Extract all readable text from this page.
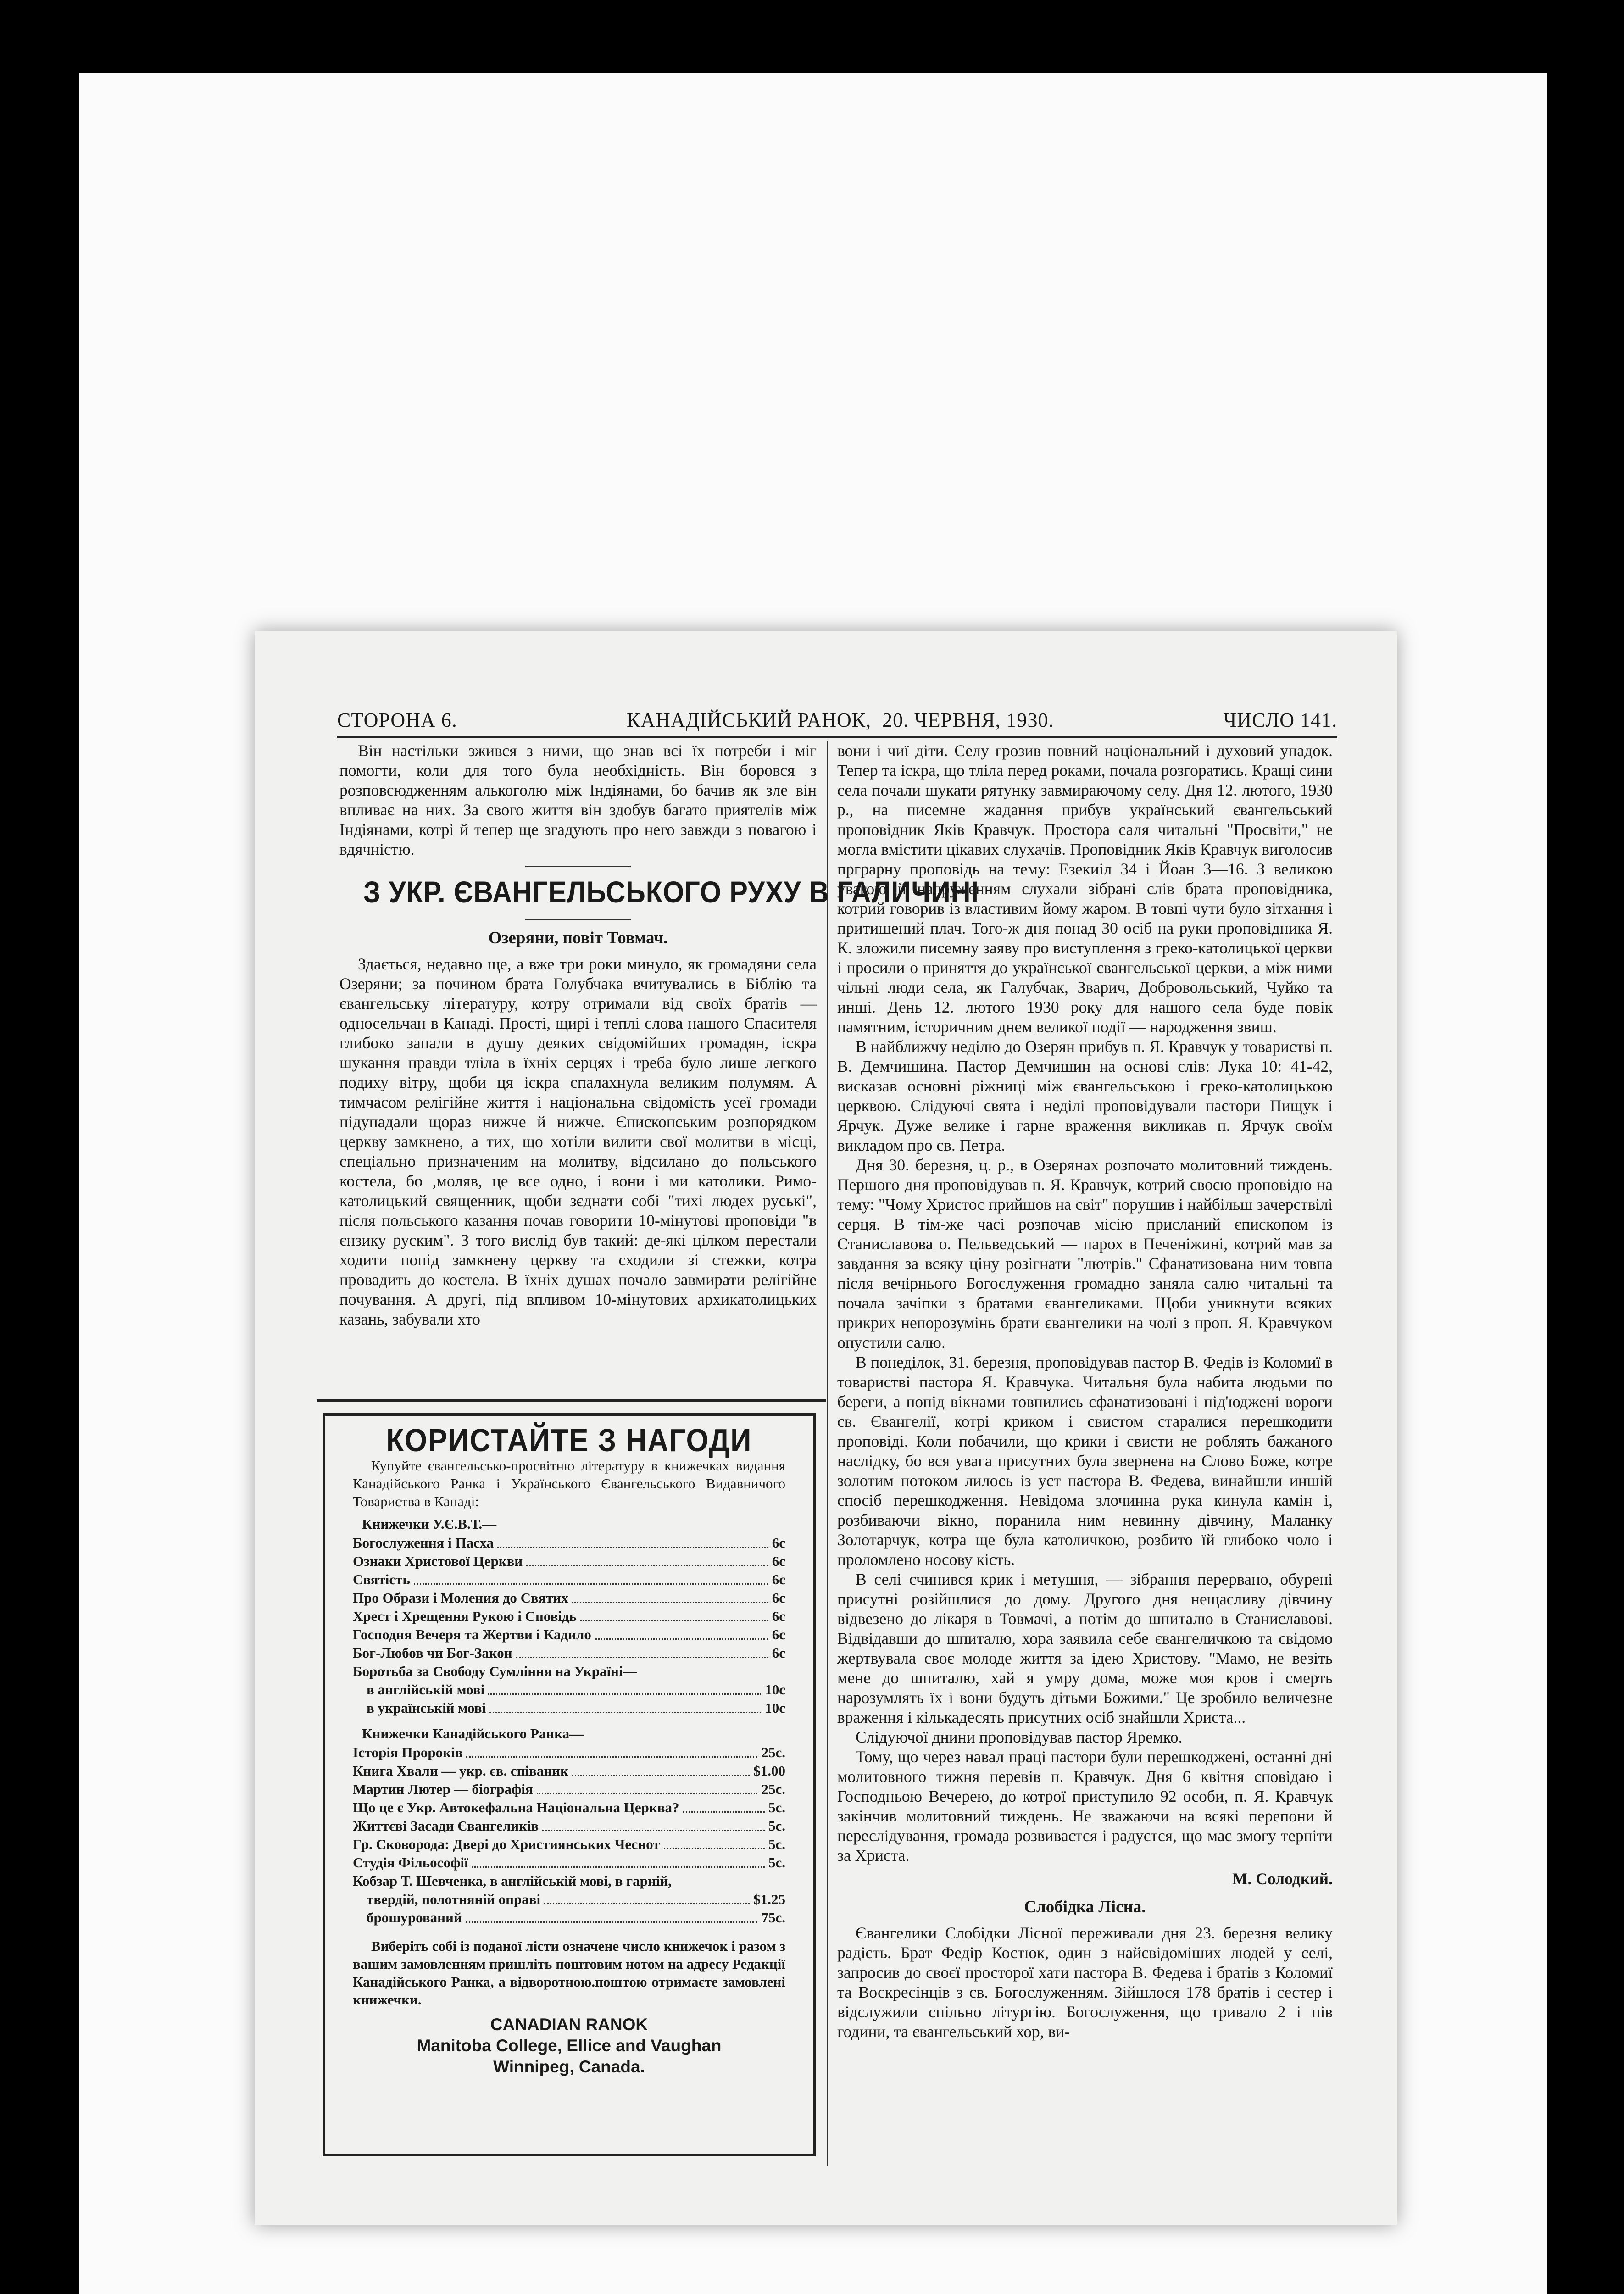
СТОРОНА 6.	КАНАДІЙСЬКИЙ РАНОК, 20. ЧЕРВНЯ, 1930.	ЧИСЛО 141.

Він настільки зжився з ними, що знав всі їх потреби і міг помогти, коли для того була необхідність. Він боровся з розповсюдженням алькоголю між Індіянами, бо бачив як зле він впливає на них. За свого життя він здобув багато приятелів між Індіянами, котрі й тепер ще згадують про него завжди з повагою і вдячністю.

З УКР. ЄВАНГЕЛЬСЬКОГО РУХУ В ГАЛИЧИНІ
Озеряни, повіт Товмач.

Здається, недавно ще, а вже три роки минуло, як громадяни села Озеряни; за почином брата Голубчака вчитувались в Біблію та євангельську літературу, котру отримали від своїх братів — односельчан в Канаді. Прості, щирі і теплі слова нашого Спасителя глибоко запали в душу деяких свідомійших громадян, іскра шукання правди тліла в їхніх серцях і треба було лише легкого подиху вітру, щоби ця іскра спалахнула великим полумям. А тимчасом релігійне життя і національна свідомість усеї громади підупадали щораз нижче й нижче. Єпископським розпорядком церкву замкнено, а тих, що хотіли вилити свої молитви в місці, спеціально призначеним на молитву, відсилано до польського костела, бо ,моляв, це все одно, і вони і ми католики. Римо-католицький священник, щоби зєднати собі "тихі людех руські", після польського казання почав говорити 10-мінутові проповіди "в єнзику руским". З того вислід був такий: де-які цілком перестали ходити попід замкнену церкву та сходили зі стежки, котра провадить до костела. В їхніх душах почало завмирати релігійне почування. А другі, під впливом 10-мінутових архикатолицьких казань, забували хто

КОРИСТАЙТЕ З НАГОДИ

Купуйте євангельсько-просвітню літературу в книжечках видання Канадійського Ранка і Українського Євангельського Видавничого Товариства в Канаді:

Книжечки У.Є.В.Т.—
Богослуження і Пасха	6c
Ознаки Христової Церкви	6c
Святість	6c
Про Образи і Моления до Святих	6c
Хрест і Хрещення Рукою і Сповідь	6c
Господня Вечеря та Жертви і Кадило	6c
Бог-Любов чи Бог-Закон	6c
Боротьба за Свободу Сумління на Україні—
в англійській мові	10c
в українській мові	10c
Книжечки Канадійського Ранка—
Історія Пророків	25c.
Книга Хвали — укр. єв. співаник	$1.00
Мартин Лютер — біографія	25c.
Що це є Укр. Автокефальна Національна Церква?	5c.
Життєві Засади Євангеликів	5c.
Гр. Сковорода: Двері до Християнських Чеснот	5c.
Студія Фільософії	5c.
Кобзар Т. Шевченка, в англійській мові, в гарній,
твердій, полотняній оправі	$1.25
брошурований	75c.

Виберіть собі із поданої лісти означене число книжечок і разом з вашим замовленням пришліть поштовим нотом на адресу Редакції Канадійського Ранка, а відворотною.поштою отримаєте замовлені книжечки.

CANADIAN RANOK
Manitoba College, Ellice and Vaughan
Winnipeg, Canada.

вони і чиї діти. Селу грозив повний національний і духовий упадок. Тепер та іскра, що тліла перед роками, почала розгоратись. Кращі сини села почали шукати рятунку завмираючому селу. Дня 12. лютого, 1930 р., на писемне жадання прибув український євангельський проповідник Яків Кравчук. Простора саля читальні "Просвіти," не могла вмістити цікавих слухачів. Проповідник Яків Кравчук виголосив прграрну проповідь на тему: Езекиіл 34 і Йоан 3—16. З великою увагою й напруженням слухали зібрані слів брата проповідника, котрий говорив із властивим йому жаром. В товпі чути було зітхання і притишений плач. Того-ж дня понад 30 осіб на руки проповідника Я. К. зложили писемну заяву про виступлення з греко-католицької церкви і просили о приняття до української євангельської церкви, а між ними чільні люди села, як Галубчак, Зварич, Добровольський, Чуйко та инші. День 12. лютого 1930 року для нашого села буде повік памятним, історичним днем великої події — народження звиш.

В найближчу неділю до Озерян прибув п. Я. Кравчук у товаристві п. В. Демчишина. Пастор Демчишин на основі слів: Лука 10: 41-42, висказав основні ріжниці між євангельською і греко-католицькою церквою. Слідуючі свята і неділі проповідували пастори Пищук і Ярчук. Дуже велике і гарне враження викликав п. Ярчук своїм викладом про св. Петра.

Дня 30. березня, ц. р., в Озерянах розпочато молитовний тиждень. Першого дня проповідував п. Я. Кравчук, котрий своєю проповідю на тему: "Чому Христос прийшов на світ" порушив і найбільш зачерствілі серця. В тім-же часі розпочав місію присланий єпископом із Станиславова о. Пельведський — парох в Печеніжині, котрий мав за завдання за всяку ціну розігнати "лютрів." Сфанатизована ним товпа після вечірнього Богослуження громадно заняла салю читальні та почала зачіпки з братами євангеликами. Щоби уникнути всяких прикрих непорозумінь брати євангелики на чолі з проп. Я. Кравчуком опустили салю.

В понеділок, 31. березня, проповідував пастор В. Федів із Коломиї в товаристві пастора Я. Кравчука. Читальня була набита людьми по береги, а попід вікнами товпились сфанатизовані і під'юджені вороги св. Євангелії, котрі криком і свистом старалися перешкодити проповіді. Коли побачили, що крики і свисти не роблять бажаного наслідку, бо вся увага присутних була звернена на Слово Боже, котре золотим потоком лилось із уст пастора В. Федева, винайшли иншій спосіб перешкодження. Невідома злочинна рука кинула камін і, розбиваючи вікно, поранила ним невинну дівчину, Маланку Золотарчук, котра ще була католичкою, розбито їй глибоко чоло і проломлено носову кість.

В селі счинився крик і метушня, — зібрання перервано, обурені присутні розійшлися до дому. Другого дня нещасливу дівчину відвезено до лікаря в Товмачі, а потім до шпиталю в Станиславові. Відвідавши до шпиталю, хора заявила себе євангеличкою та свідомо жертвувала своє молоде життя за ідею Христову. "Мамо, не везіть мене до шпиталю, хай я умру дома, може моя кров і смерть нарозумлять їх і вони будуть дітьми Божими." Це зробило величезне враження і кількадесять присутних осіб знайшли Христа...

Слідуючої днини проповідував пастор Яремко.

Тому, що через навал праці пастори були перешкоджені, останні дні молитовного тижня перевів п. Кравчук. Дня 6 квітня сповідаю і Господньою Вечерею, до котрої приступило 92 особи, п. Я. Кравчук закінчив молитовний тиждень. Не зважаючи на всякі перепони й переслідування, громада розвиваєтся і радуєтся, що має змогу терпіти за Христа.

М. Солодкий.
Слобідка Лісна.

Євангелики Слобідки Лісної переживали дня 23. березня велику радість. Брат Федір Костюк, один з найсвідоміших людей у селі, запросив до своєї просторої хати пастора В. Федева і братів з Коломиї та Воскресінців з св. Богослуженням. Зійшлося 178 братів і сестер і відслужили спільно літургію. Богослуження, що тривало 2 і пів години, та євангельський хор, ви-
